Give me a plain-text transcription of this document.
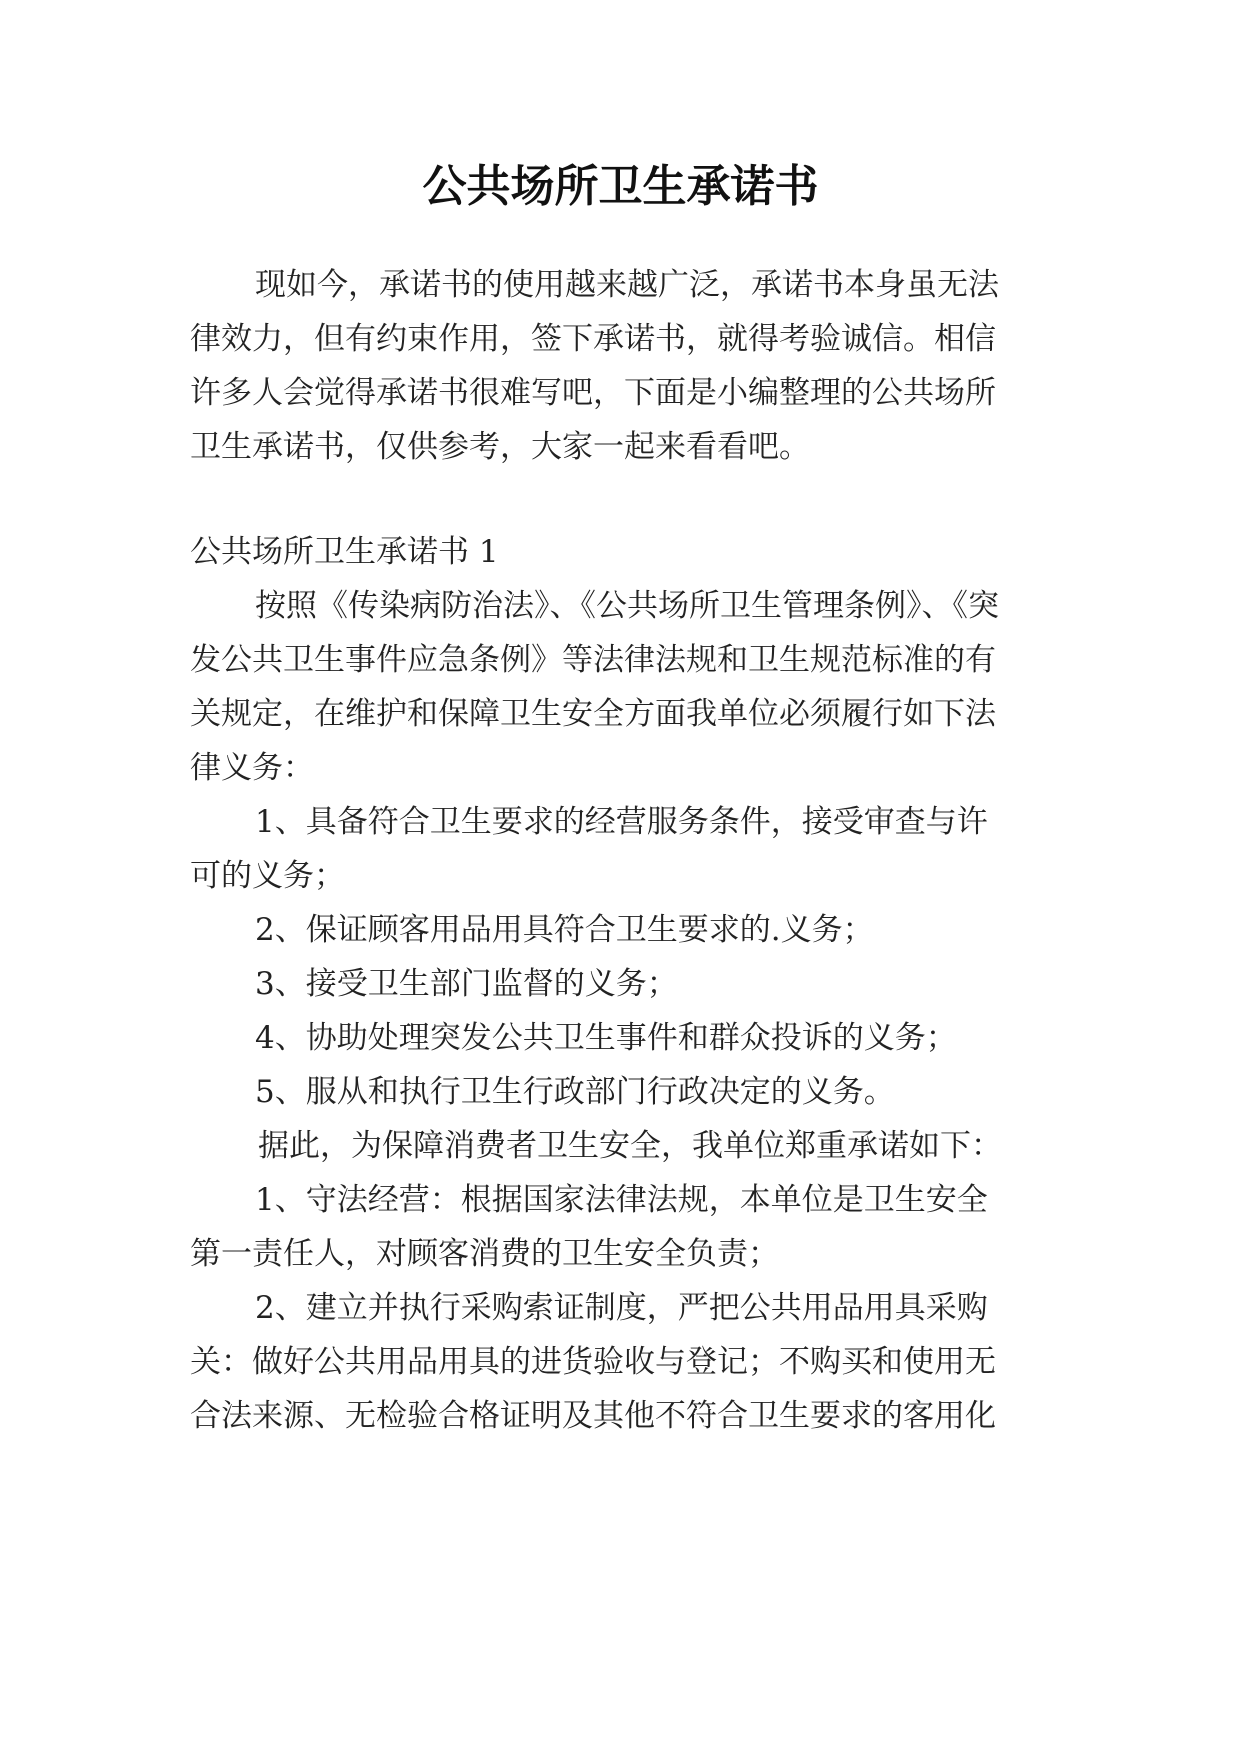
公共场所卫生承诺书
现如今，承诺书的使用越来越广泛，承诺书本身虽无法
律效力，但有约束作用，签下承诺书，就得考验诚信。相信
许多人会觉得承诺书很难写吧，下面是小编整理的公共场所
卫生承诺书，仅供参考，大家一起来看看吧。
公共场所卫生承诺书 1
按照《传染病防治法》、《公共场所卫生管理条例》、《突
发公共卫生事件应急条例》等法律法规和卫生规范标准的有
关规定，在维护和保障卫生安全方面我单位必须履行如下法
律义务：
1、具备符合卫生要求的经营服务条件，接受审查与许
可的义务；
2、保证顾客用品用具符合卫生要求的.义务；
3、接受卫生部门监督的义务；
4、协助处理突发公共卫生事件和群众投诉的义务；
5、服从和执行卫生行政部门行政决定的义务。
据此，为保障消费者卫生安全，我单位郑重承诺如下：
1、守法经营：根据国家法律法规，本单位是卫生安全
第一责任人，对顾客消费的卫生安全负责；
2、建立并执行采购索证制度，严把公共用品用具采购
关：做好公共用品用具的进货验收与登记；不购买和使用无
合法来源、无检验合格证明及其他不符合卫生要求的客用化
